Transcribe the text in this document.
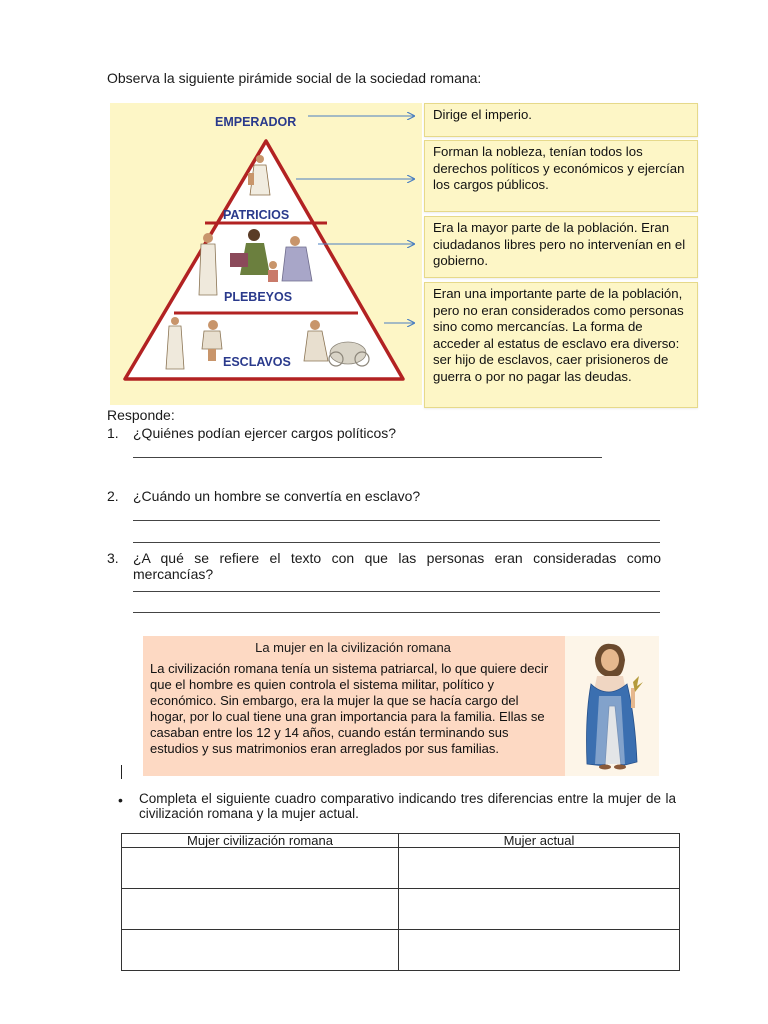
Observa la siguiente pirámide social de la sociedad romana:
EMPERADOR
PATRICIOS
PLEBEYOS
ESCLAVOS
Dirige el imperio.
Forman la nobleza, tenían todos los derechos políticos y económicos y ejercían los cargos públicos.
Era la mayor parte de la población. Eran ciudadanos libres pero no intervenían en el gobierno.
Eran una importante parte de la población, pero no eran considerados como personas sino como mercancías. La forma de acceder al estatus de esclavo era diverso: ser hijo de esclavos, caer prisioneros de guerra o por no pagar las deudas.
Responde:
1. ¿Quiénes podían ejercer cargos políticos?
2. ¿Cuándo un hombre se convertía en esclavo?
3. ¿A qué se refiere el texto con que las personas eran consideradas como mercancías?
La mujer en la civilización romana
La civilización romana tenía un sistema patriarcal, lo que quiere decir que el hombre es quien controla el sistema militar, político y económico. Sin embargo, era la mujer la que se hacía cargo del hogar, por lo cual tiene una gran importancia para la familia. Ellas se casaban entre los 12 y 14 años, cuando están terminando sus estudios y sus matrimonios eran arreglados por sus familias.
• Completa el siguiente cuadro comparativo indicando tres diferencias entre la mujer de la civilización romana y la mujer actual.
Mujer civilización romana	Mujer actual
